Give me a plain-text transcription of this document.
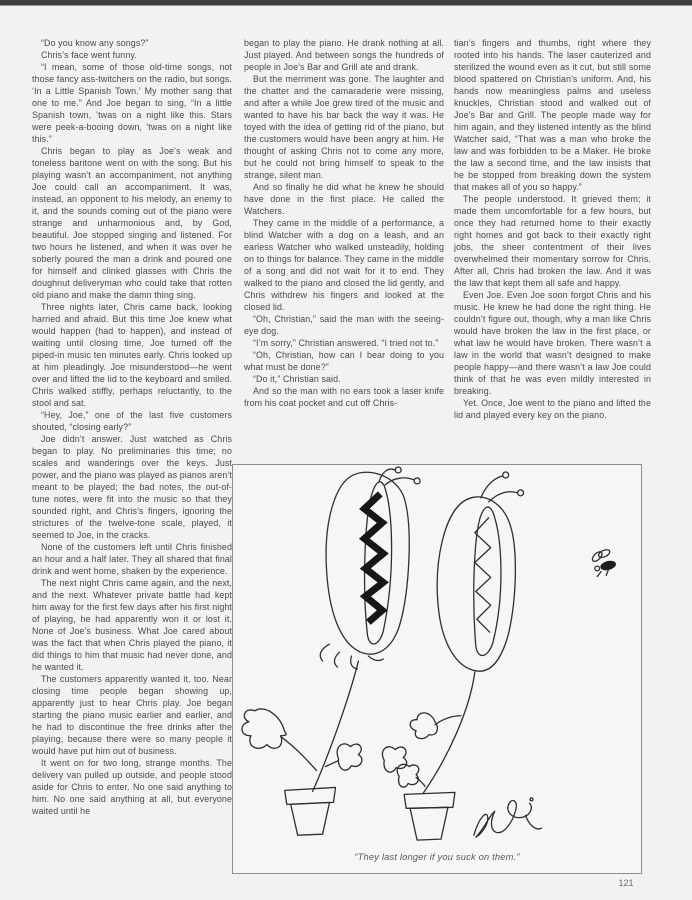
“Do you know any songs?”

Chris’s face went funny.

“I mean, some of those old-time songs, not those fancy ass-twitchers on the radio, but songs. ‘In a Little Spanish Town.’ My mother sang that one to me.” And Joe began to sing, “In a little Spanish town, ’twas on a night like this. Stars were peek-a-booing down, ’twas on a night like this.”

Chris began to play as Joe’s weak and toneless baritone went on with the song. But his playing wasn’t an accompaniment, not anything Joe could call an accompaniment. It was, instead, an opponent to his melody, an enemy to it, and the sounds coming out of the piano were strange and unharmonious and, by God, beautiful. Joe stopped singing and listened. For two hours he listened, and when it was over he soberly poured the man a drink and poured one for himself and clinked glasses with Chris the doughnut deliveryman who could take that rotten old piano and make the damn thing sing.

Three nights later, Chris came back, looking harried and afraid. But this time Joe knew what would happen (had to happen), and instead of waiting until closing time, Joe turned off the piped-in music ten minutes early. Chris looked up at him pleadingly. Joe misunderstood—he went over and lifted the lid to the keyboard and smiled. Chris walked stiffly, perhaps reluctantly, to the stool and sat.

“Hey, Joe,” one of the last five customers shouted, “closing early?”

Joe didn’t answer. Just watched as Chris began to play. No preliminaries this time; no scales and wanderings over the keys. Just power, and the piano was played as pianos aren’t meant to be played; the bad notes, the out-of-tune notes, were fit into the music so that they sounded right, and Chris’s fingers, ignoring the strictures of the twelve-tone scale, played, it seemed to Joe, in the cracks.

None of the customers left until Chris finished an hour and a half later. They all shared that final drink and went home, shaken by the experience.

The next night Chris came again, and the next, and the next. Whatever private battle had kept him away for the first few days after his first night of playing, he had apparently won it or lost it. None of Joe’s business. What Joe cared about was the fact that when Chris played the piano, it did things to him that music had never done, and he wanted it.

The customers apparently wanted it, too. Near closing time people began showing up, apparently just to hear Chris play. Joe began starting the piano music earlier and earlier, and he had to discontinue the free drinks after the playing, because there were so many people it would have put him out of business.

It went on for two long, strange months. The delivery van pulled up outside, and people stood aside for Chris to enter. No one said anything to him. No one said anything at all, but everyone waited until he

began to play the piano. He drank nothing at all. Just played. And between songs the hundreds of people in Joe’s Bar and Grill ate and drank.

But the merriment was gone. The laughter and the chatter and the camaraderie were missing, and after a while Joe grew tired of the music and wanted to have his bar back the way it was. He toyed with the idea of getting rid of the piano, but the customers would have been angry at him. He thought of asking Chris not to come any more, but he could not bring himself to speak to the strange, silent man.

And so finally he did what he knew he should have done in the first place. He called the Watchers.

They came in the middle of a performance, a blind Watcher with a dog on a leash, and an earless Watcher who walked unsteadily, holding on to things for balance. They came in the middle of a song and did not wait for it to end. They walked to the piano and closed the lid gently, and Chris withdrew his fingers and looked at the closed lid.

“Oh, Christian,” said the man with the seeing-eye dog.

“I’m sorry,” Christian answered. “I tried not to.”

“Oh, Christian, how can I bear doing to you what must be done?”

“Do it,” Christian said.

And so the man with no ears took a laser knife from his coat pocket and cut off Chris-

tian’s fingers and thumbs, right where they rooted into his hands. The laser cauterized and sterilized the wound even as it cut, but still some blood spattered on Christian’s uniform. And, his hands now meaningless palms and useless knuckles, Christian stood and walked out of Joe’s Bar and Grill. The people made way for him again, and they listened intently as the blind Watcher said, “That was a man who broke the law and was forbidden to be a Maker. He broke the law a second time, and the law insists that he be stopped from breaking down the system that makes all of you so happy.”

The people understood. It grieved them; it made them uncomfortable for a few hours, but once they had returned home to their exactly right homes and got back to their exactly right jobs, the sheer contentment of their lives overwhelmed their momentary sorrow for Chris. After all, Chris had broken the law. And it was the law that kept them all safe and happy.

Even Joe. Even Joe soon forgot Chris and his music. He knew he had done the right thing. He couldn’t figure out, though, why a man like Chris would have broken the law in the first place, or what law he would have broken. There wasn’t a law in the world that wasn’t designed to make people happy—and there wasn’t a law Joe could think of that he was even mildly interested in breaking.

Yet. Once, Joe went to the piano and lifted the lid and played every key on the piano.

“They last longer if you suck on them.”
121
